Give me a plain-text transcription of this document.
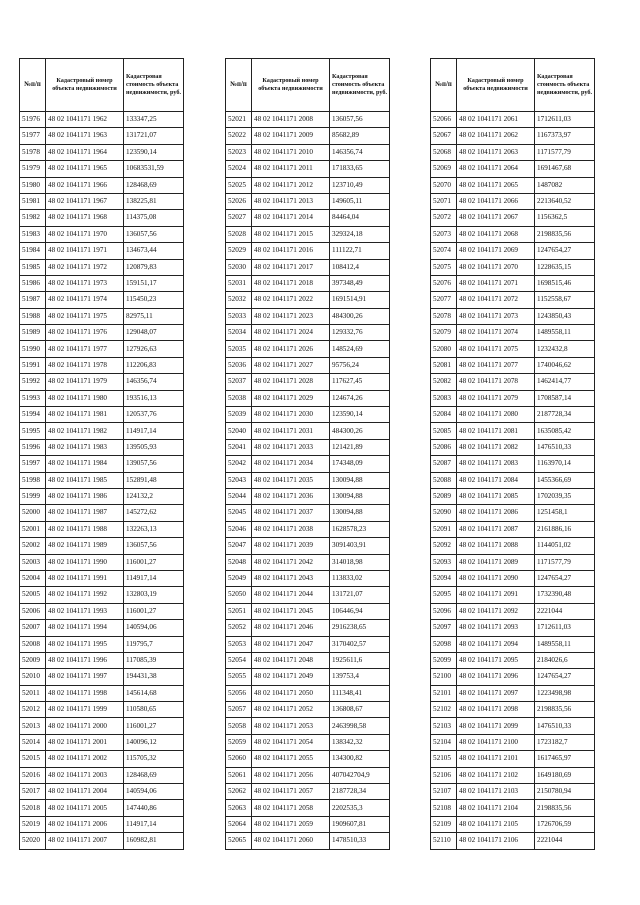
№п/п	Кадастровый номер объекта недвижимости	Кадастровая стоимость объекта недвижимости, руб.
51976	48 02 1041171 1962	133347,25
51977	48 02 1041171 1963	131721,07
51978	48 02 1041171 1964	123590,14
51979	48 02 1041171 1965	10683531,59
51980	48 02 1041171 1966	128468,69
51981	48 02 1041171 1967	138225,81
51982	48 02 1041171 1968	114375,08
51983	48 02 1041171 1970	136057,56
51984	48 02 1041171 1971	134673,44
51985	48 02 1041171 1972	120879,83
51986	48 02 1041171 1973	159151,17
51987	48 02 1041171 1974	115450,23
51988	48 02 1041171 1975	82975,11
51989	48 02 1041171 1976	129048,07
51990	48 02 1041171 1977	127926,63
51991	48 02 1041171 1978	112206,83
51992	48 02 1041171 1979	146356,74
51993	48 02 1041171 1980	193516,13
51994	48 02 1041171 1981	120537,76
51995	48 02 1041171 1982	114917,14
51996	48 02 1041171 1983	139505,93
51997	48 02 1041171 1984	139057,56
51998	48 02 1041171 1985	152891,48
51999	48 02 1041171 1986	124132,2
52000	48 02 1041171 1987	145272,62
52001	48 02 1041171 1988	132263,13
52002	48 02 1041171 1989	136057,56
52003	48 02 1041171 1990	116001,27
52004	48 02 1041171 1991	114917,14
52005	48 02 1041171 1992	132803,19
52006	48 02 1041171 1993	116001,27
52007	48 02 1041171 1994	140594,06
52008	48 02 1041171 1995	119795,7
52009	48 02 1041171 1996	117085,39
52010	48 02 1041171 1997	194431,38
52011	48 02 1041171 1998	145614,68
52012	48 02 1041171 1999	110580,65
52013	48 02 1041171 2000	116001,27
52014	48 02 1041171 2001	140096,12
52015	48 02 1041171 2002	115705,32
52016	48 02 1041171 2003	128468,69
52017	48 02 1041171 2004	140594,06
52018	48 02 1041171 2005	147440,86
52019	48 02 1041171 2006	114917,14
52020	48 02 1041171 2007	160982,81
№п/п	Кадастровый номер объекта недвижимости	Кадастровая стоимость объекта недвижимости, руб.
52021	48 02 1041171 2008	136057,56
52022	48 02 1041171 2009	85682,89
52023	48 02 1041171 2010	146356,74
52024	48 02 1041171 2011	171833,65
52025	48 02 1041171 2012	123710,49
52026	48 02 1041171 2013	149605,11
52027	48 02 1041171 2014	84464,04
52028	48 02 1041171 2015	329324,18
52029	48 02 1041171 2016	111122,71
52030	48 02 1041171 2017	108412,4
52031	48 02 1041171 2018	397348,49
52032	48 02 1041171 2022	1691514,91
52033	48 02 1041171 2023	484300,26
52034	48 02 1041171 2024	129332,76
52035	48 02 1041171 2026	148524,69
52036	48 02 1041171 2027	95756,24
52037	48 02 1041171 2028	117627,45
52038	48 02 1041171 2029	124674,26
52039	48 02 1041171 2030	123590,14
52040	48 02 1041171 2031	484300,26
52041	48 02 1041171 2033	121421,89
52042	48 02 1041171 2034	174348,09
52043	48 02 1041171 2035	130094,88
52044	48 02 1041171 2036	130094,88
52045	48 02 1041171 2037	130094,88
52046	48 02 1041171 2038	1628578,23
52047	48 02 1041171 2039	3091403,91
52048	48 02 1041171 2042	314018,98
52049	48 02 1041171 2043	113833,02
52050	48 02 1041171 2044	131721,07
52051	48 02 1041171 2045	106446,94
52052	48 02 1041171 2046	2916238,65
52053	48 02 1041171 2047	3170402,57
52054	48 02 1041171 2048	1925611,6
52055	48 02 1041171 2049	139753,4
52056	48 02 1041171 2050	111348,41
52057	48 02 1041171 2052	136808,67
52058	48 02 1041171 2053	2463998,58
52059	48 02 1041171 2054	138342,32
52060	48 02 1041171 2055	134300,82
52061	48 02 1041171 2056	407042704,9
52062	48 02 1041171 2057	2187728,34
52063	48 02 1041171 2058	2202535,3
52064	48 02 1041171 2059	1909607,81
52065	48 02 1041171 2060	1478510,33
№п/п	Кадастровый номер объекта недвижимости	Кадастровая стоимость объекта недвижимости, руб.
52066	48 02 1041171 2061	1712611,03
52067	48 02 1041171 2062	1167373,97
52068	48 02 1041171 2063	1171577,79
52069	48 02 1041171 2064	1691467,68
52070	48 02 1041171 2065	1487082
52071	48 02 1041171 2066	2213640,52
52072	48 02 1041171 2067	1156362,5
52073	48 02 1041171 2068	2198835,56
52074	48 02 1041171 2069	1247654,27
52075	48 02 1041171 2070	1228635,15
52076	48 02 1041171 2071	1698515,46
52077	48 02 1041171 2072	1152558,67
52078	48 02 1041171 2073	1243850,43
52079	48 02 1041171 2074	1489558,11
52080	48 02 1041171 2075	1232432,8
52081	48 02 1041171 2077	1740046,62
52082	48 02 1041171 2078	1462414,77
52083	48 02 1041171 2079	1708587,14
52084	48 02 1041171 2080	2187728,34
52085	48 02 1041171 2081	1635085,42
52086	48 02 1041171 2082	1476510,33
52087	48 02 1041171 2083	1163970,14
52088	48 02 1041171 2084	1455366,69
52089	48 02 1041171 2085	1702039,35
52090	48 02 1041171 2086	1251458,1
52091	48 02 1041171 2087	2161886,16
52092	48 02 1041171 2088	1144051,02
52093	48 02 1041171 2089	1171577,79
52094	48 02 1041171 2090	1247654,27
52095	48 02 1041171 2091	1732390,48
52096	48 02 1041171 2092	2221044
52097	48 02 1041171 2093	1712611,03
52098	48 02 1041171 2094	1489558,11
52099	48 02 1041171 2095	2184026,6
52100	48 02 1041171 2096	1247654,27
52101	48 02 1041171 2097	1223498,98
52102	48 02 1041171 2098	2198835,56
52103	48 02 1041171 2099	1476510,33
52104	48 02 1041171 2100	1723182,7
52105	48 02 1041171 2101	1617465,97
52106	48 02 1041171 2102	1649180,69
52107	48 02 1041171 2103	2150780,94
52108	48 02 1041171 2104	2198835,56
52109	48 02 1041171 2105	1726706,59
52110	48 02 1041171 2106	2221044
